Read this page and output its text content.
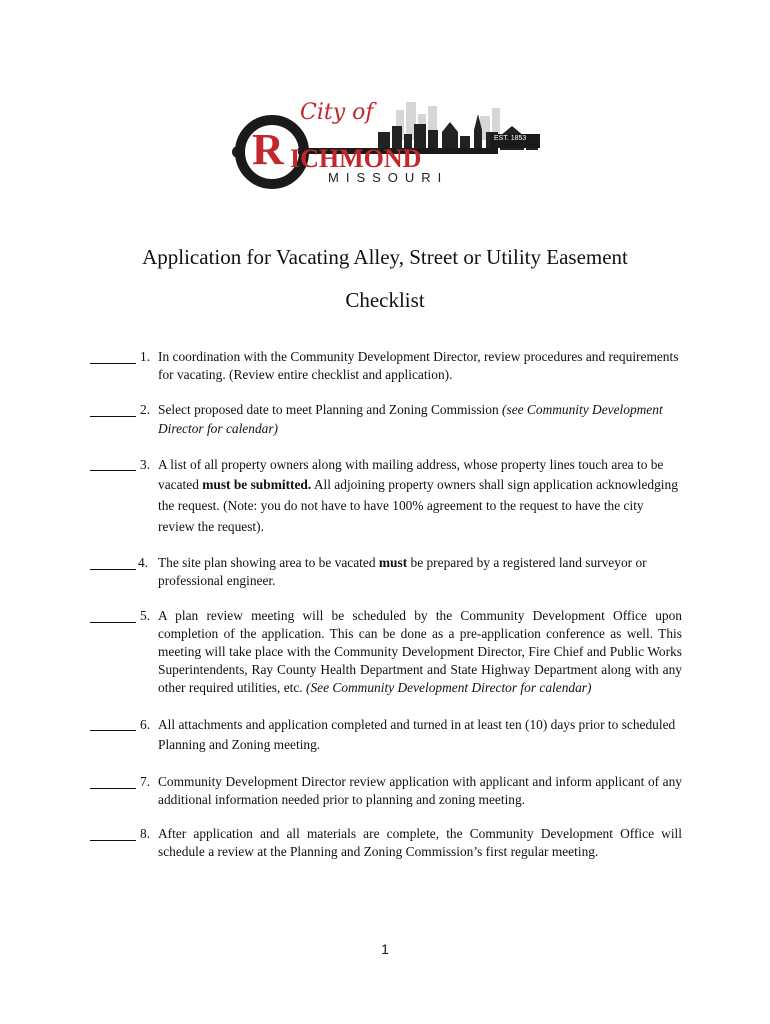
City of
R ICHMOND
MISSOURI
EST. 1853
Application for Vacating Alley, Street or Utility Easement
Checklist
1. In coordination with the Community Development Director, review procedures and requirements for vacating. (Review entire checklist and application).
2. Select proposed date to meet Planning and Zoning Commission (see Community Development Director for calendar)
3. A list of all property owners along with mailing address, whose property lines touch area to be vacated must be submitted. All adjoining property owners shall sign application acknowledging the request. (Note: you do not have to have 100% agreement to the request to have the city review the request).
4. The site plan showing area to be vacated must be prepared by a registered land surveyor or professional engineer.
5. A plan review meeting will be scheduled by the Community Development Office upon completion of the application. This can be done as a pre-application conference as well. This meeting will take place with the Community Development Director, Fire Chief and Public Works Superintendents, Ray County Health Department and State Highway Department along with any other required utilities, etc. (See Community Development Director for calendar)
6. All attachments and application completed and turned in at least ten (10) days prior to scheduled Planning and Zoning meeting.
7. Community Development Director review application with applicant and inform applicant of any additional information needed prior to planning and zoning meeting.
8. After application and all materials are complete, the Community Development Office will schedule a review at the Planning and Zoning Commission’s first regular meeting.
1
